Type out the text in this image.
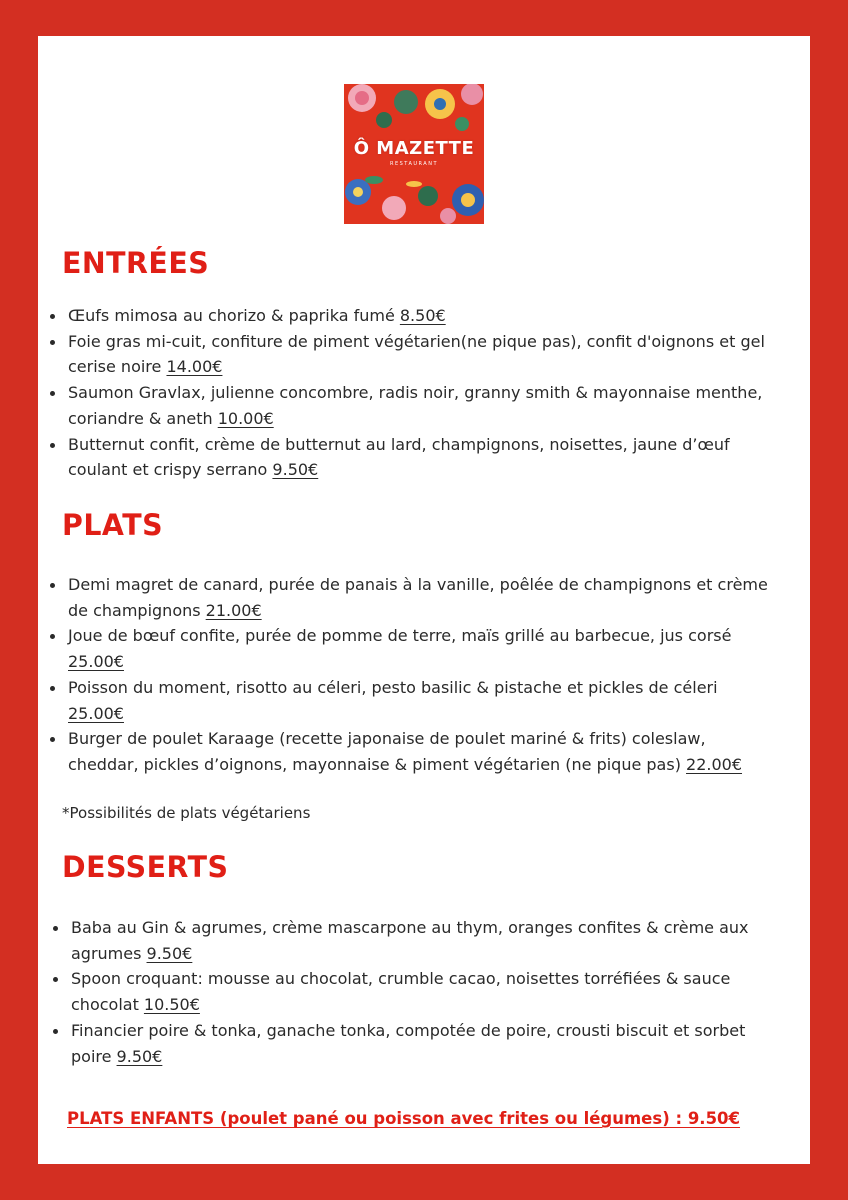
Ô MAZETTE
RESTAURANT
ENTRÉES
Œufs mimosa au chorizo & paprika fumé 8.50€
Foie gras mi-cuit, confiture de piment végétarien(ne pique pas), confit d'oignons et gel cerise noire 14.00€
Saumon Gravlax, julienne concombre, radis noir, granny smith & mayonnaise menthe, coriandre & aneth 10.00€
Butternut confit, crème de butternut au lard, champignons, noisettes, jaune d’œuf coulant et crispy serrano 9.50€
PLATS
Demi magret de canard, purée de panais à la vanille, poêlée de champignons et crème de champignons 21.00€
Joue de bœuf confite, purée de pomme de terre, maïs grillé au barbecue, jus corsé 25.00€
Poisson du moment, risotto au céleri, pesto basilic & pistache et pickles de céleri 25.00€
Burger de poulet Karaage (recette japonaise de poulet mariné & frits) coleslaw, cheddar, pickles d’oignons, mayonnaise & piment végétarien (ne pique pas) 22.00€
*Possibilités de plats végétariens
DESSERTS
Baba au Gin & agrumes, crème mascarpone au thym, oranges confites & crème aux agrumes 9.50€
Spoon croquant: mousse au chocolat, crumble cacao, noisettes torréfiées & sauce chocolat 10.50€
Financier poire & tonka, ganache tonka, compotée de poire, crousti biscuit et sorbet poire 9.50€
PLATS ENFANTS (poulet pané ou poisson avec frites ou légumes) : 9.50€
